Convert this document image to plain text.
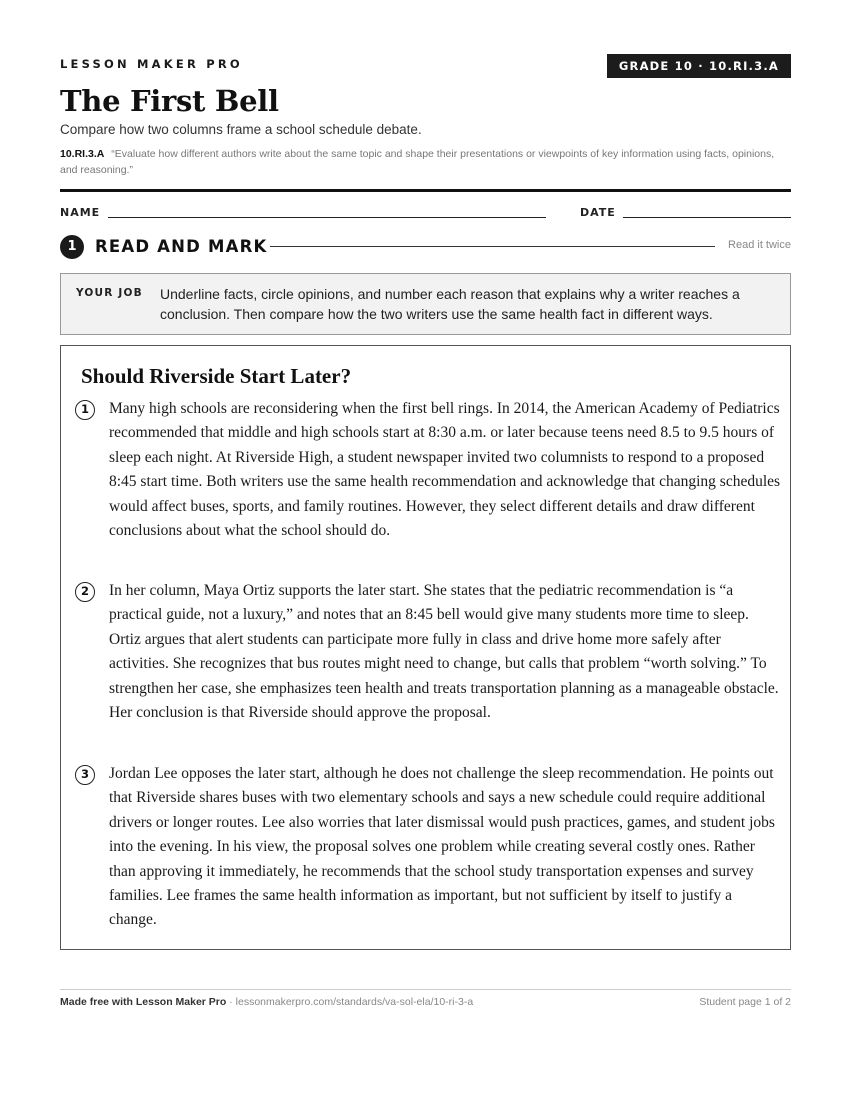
LESSON MAKER PRO	GRADE 10 · 10.RI.3.A
The First Bell
Compare how two columns frame a school schedule debate.
10.RI.3.A “Evaluate how different authors write about the same topic and shape their presentations or viewpoints of key information using facts, opinions, and reasoning.”
NAME	DATE
1	READ AND MARK	Read it twice
YOUR JOB Underline facts, circle opinions, and number each reason that explains why a writer reaches a conclusion. Then compare how the two writers use the same health fact in different ways.
Should Riverside Start Later?
1	Many high schools are reconsidering when the first bell rings. In 2014, the American Academy of Pediatrics recommended that middle and high schools start at 8:30 a.m. or later because teens need 8.5 to 9.5 hours of sleep each night. At Riverside High, a student newspaper invited two columnists to respond to a proposed 8:45 start time. Both writers use the same health recommendation and acknowledge that changing schedules would affect buses, sports, and family routines. However, they select different details and draw different conclusions about what the school should do.
2	In her column, Maya Ortiz supports the later start. She states that the pediatric recommendation is “a practical guide, not a luxury,” and notes that an 8:45 bell would give many students more time to sleep. Ortiz argues that alert students can participate more fully in class and drive home more safely after activities. She recognizes that bus routes might need to change, but calls that problem “worth solving.” To strengthen her case, she emphasizes teen health and treats transportation planning as a manageable obstacle. Her conclusion is that Riverside should approve the proposal.
3	Jordan Lee opposes the later start, although he does not challenge the sleep recommendation. He points out that Riverside shares buses with two elementary schools and says a new schedule could require additional drivers or longer routes. Lee also worries that later dismissal would push practices, games, and student jobs into the evening. In his view, the proposal solves one problem while creating several costly ones. Rather than approving it immediately, he recommends that the school study transportation expenses and survey families. Lee frames the same health information as important, but not sufficient by itself to justify a change.
Made free with Lesson Maker Pro · lessonmakerpro.com/standards/va-sol-ela/10-ri-3-a	Student page 1 of 2
